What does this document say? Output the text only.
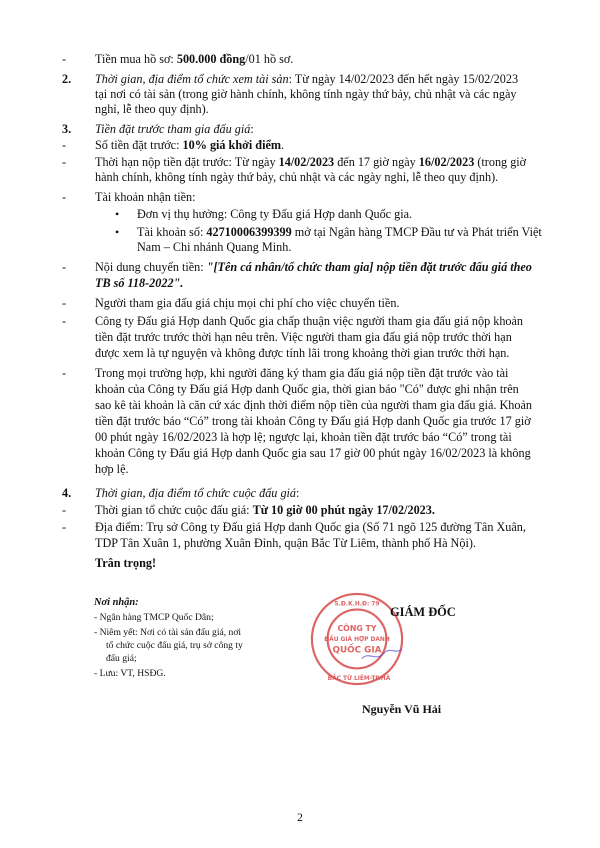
- Tiền mua hồ sơ: 500.000 đồng/01 hồ sơ.
2. Thời gian, địa điểm tổ chức xem tài sản: Từ ngày 14/02/2023 đến hết ngày 15/02/2023
tại nơi có tài sản (trong giờ hành chính, không tính ngày thứ bảy, chủ nhật và các ngày
nghỉ, lễ theo quy định).
3. Tiền đặt trước tham gia đấu giá:
- Số tiền đặt trước: 10% giá khởi điểm.
- Thời hạn nộp tiền đặt trước: Từ ngày 14/02/2023 đến 17 giờ ngày 16/02/2023 (trong giờ
hành chính, không tính ngày thứ bảy, chủ nhật và các ngày nghỉ, lễ theo quy định).
- Tài khoản nhận tiền:
• Đơn vị thụ hưởng: Công ty Đấu giá Hợp danh Quốc gia.
• Tài khoản số: 42710006399399 mở tại Ngân hàng TMCP Đầu tư và Phát triển Việt
Nam – Chi nhánh Quang Minh.
- Nội dung chuyển tiền: "[Tên cá nhân/tổ chức tham gia] nộp tiền đặt trước đấu giá theo
TB số 118-2022".
- Người tham gia đấu giá chịu mọi chi phí cho việc chuyển tiền.
- Công ty Đấu giá Hợp danh Quốc gia chấp thuận việc người tham gia đấu giá nộp khoản
tiền đặt trước trước thời hạn nêu trên. Việc người tham gia đấu giá nộp trước thời hạn
được xem là tự nguyện và không được tính lãi trong khoảng thời gian trước thời hạn.
- Trong mọi trường hợp, khi người đăng ký tham gia đấu giá nộp tiền đặt trước vào tài
khoản của Công ty Đấu giá Hợp danh Quốc gia, thời gian báo "Có" được ghi nhận trên
sao kê tài khoản là căn cứ xác định thời điểm nộp tiền của người tham gia đấu giá. Khoản
tiền đặt trước báo “Có” trong tài khoản Công ty Đấu giá Hợp danh Quốc gia trước 17 giờ
00 phút ngày 16/02/2023 là hợp lệ; ngược lại, khoản tiền đặt trước báo “Có” trong tài
khoản Công ty Đấu giá Hợp danh Quốc gia sau 17 giờ 00 phút ngày 16/02/2023 là không
hợp lệ.
4. Thời gian, địa điểm tổ chức cuộc đấu giá:
- Thời gian tổ chức cuộc đấu giá: Từ 10 giờ 00 phút ngày 17/02/2023.
- Địa điểm: Trụ sở Công ty Đấu giá Hợp danh Quốc gia (Số 71 ngõ 125 đường Tân Xuân,
TDP Tân Xuân 1, phường Xuân Đỉnh, quận Bắc Từ Liêm, thành phố Hà Nội).
Trân trọng!
Nơi nhận:
- Ngân hàng TMCP Quốc Dân;
- Niêm yết: Nơi có tài sản đấu giá, nơi
tổ chức cuộc đấu giá, trụ sở công ty
đấu giá;
- Lưu: VT, HSĐG.
CÔNG TY
ĐẤU GIÁ HỢP DANH
QUỐC GIA
S.Đ.K.H.Đ: 79
BẮC TỪ LIÊM-TP.HÀ
GIÁM ĐỐC
Nguyễn Vũ Hải
2
